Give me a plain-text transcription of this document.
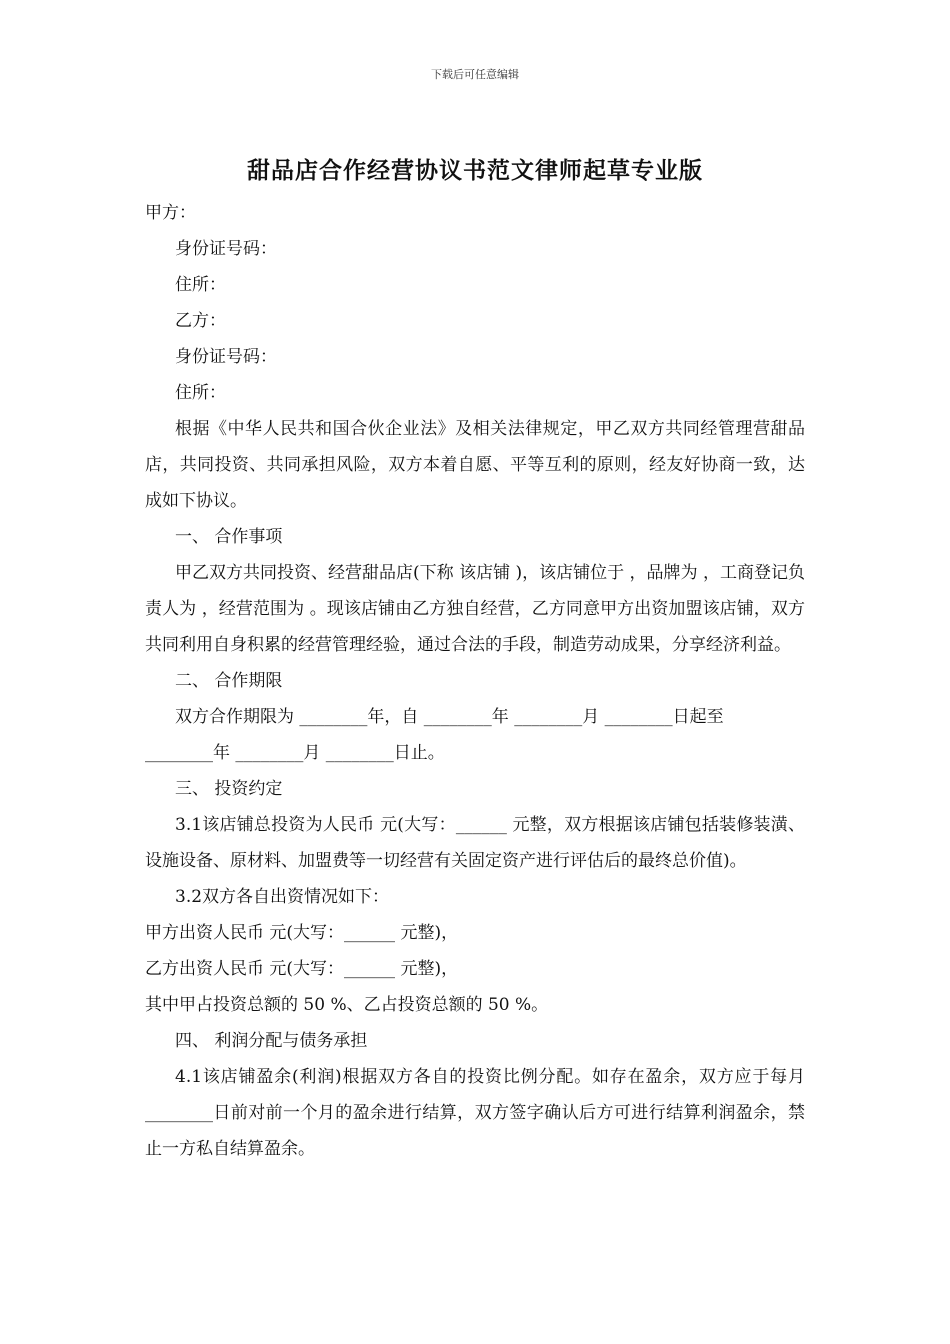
下载后可任意编辑
甜品店合作经营协议书范文律师起草专业版
甲方：
身份证号码：
住所：
乙方：
身份证号码：
住所：
根据《中华人民共和国合伙企业法》及相关法律规定，甲乙双方共同经管理营甜品店，共同投资、共同承担风险，双方本着自愿、平等互利的原则，经友好协商一致，达成如下协议。
一、 合作事项
甲乙双方共同投资、经营甜品店(下称 该店铺 )，该店铺位于 ，品牌为 ，工商登记负责人为 ，经营范围为 。现该店铺由乙方独自经营，乙方同意甲方出资加盟该店铺，双方共同利用自身积累的经营管理经验，通过合法的手段，制造劳动成果，分享经济利益。
二、 合作期限
双方合作期限为 ________年，自 ________年 ________月 ________日起至
________年 ________月 ________日止。
三、 投资约定
3.1该店铺总投资为人民币 元(大写：______ 元整，双方根据该店铺包括装修装潢、设施设备、原材料、加盟费等一切经营有关固定资产进行评估后的最终总价值)。
3.2双方各自出资情况如下：
甲方出资人民币 元(大写：______ 元整)，
乙方出资人民币 元(大写：______ 元整)，
其中甲占投资总额的 50 %、乙占投资总额的 50 %。
四、 利润分配与债务承担
4.1该店铺盈余(利润)根据双方各自的投资比例分配。如存在盈余，双方应于每月 ________日前对前一个月的盈余进行结算，双方签字确认后方可进行结算利润盈余，禁止一方私自结算盈余。
